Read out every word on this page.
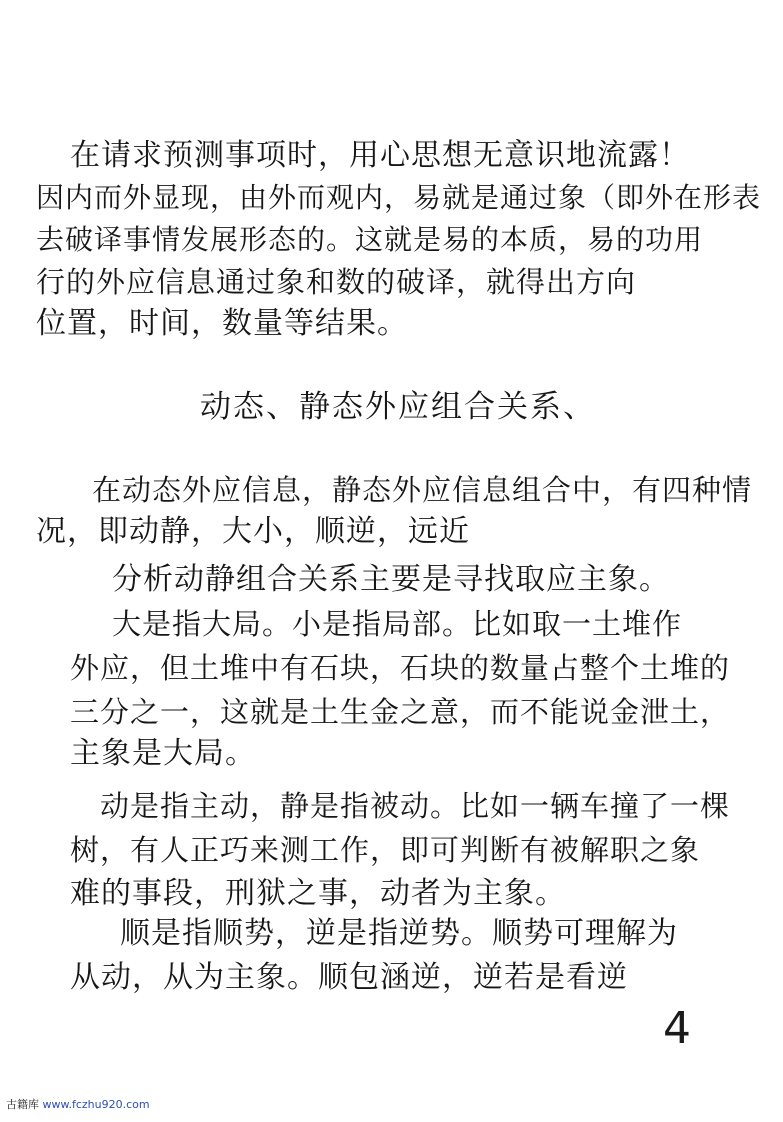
在请求预测事项时，用心思想无意识地流露！
因内而外显现，由外而观内，易就是通过象（即外在形表
去破译事情发展形态的。这就是易的本质，易的功用
行的外应信息通过象和数的破译，就得出方向
位置，时间，数量等结果。
动态、静态外应组合关系、
在动态外应信息，静态外应信息组合中，有四种情
况，即动静，大小，顺逆，远近
分析动静组合关系主要是寻找取应主象。
大是指大局。小是指局部。比如取一土堆作
外应，但土堆中有石块，石块的数量占整个土堆的
三分之一，这就是土生金之意，而不能说金泄土，
主象是大局。
动是指主动，静是指被动。比如一辆车撞了一棵
树，有人正巧来测工作，即可判断有被解职之象
难的事段，刑狱之事，动者为主象。
顺是指顺势，逆是指逆势。顺势可理解为
从动，从为主象。顺包涵逆，逆若是看逆
4
古籍库 www.fczhu920.com
